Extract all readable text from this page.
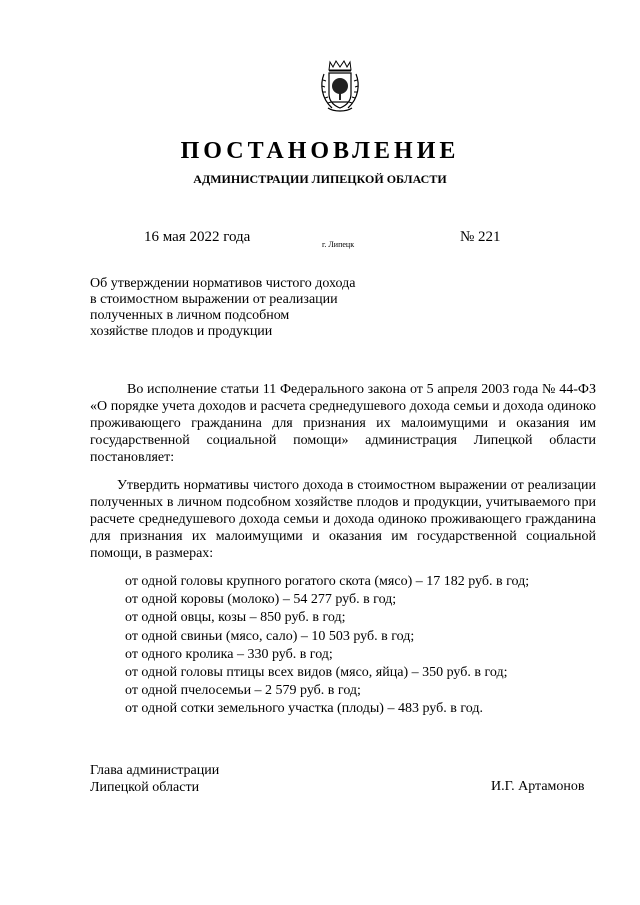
ПОСТАНОВЛЕНИЕ
АДМИНИСТРАЦИИ ЛИПЕЦКОЙ ОБЛАСТИ
16 мая 2022 года	г. Липецк	№ 221
Об утверждении нормативов чистого дохода
в стоимостном выражении от реализации
полученных в личном подсобном
хозяйстве плодов и продукции
Во исполнение статьи 11 Федерального закона от 5 апреля 2003 года № 44-ФЗ «О порядке учета доходов и расчета среднедушевого дохода семьи и дохода одиноко проживающего гражданина для признания их малоимущими и оказания им государственной социальной помощи» администрация Липецкой области постановляет:
Утвердить нормативы чистого дохода в стоимостном выражении от реализации полученных в личном подсобном хозяйстве плодов и продукции, учитываемого при расчете среднедушевого дохода семьи и дохода одиноко проживающего гражданина для признания их малоимущими и оказания им государственной социальной помощи, в размерах:
от одной головы крупного рогатого скота (мясо) – 17 182 руб. в год;
от одной коровы (молоко) – 54 277 руб. в год;
от одной овцы, козы – 850 руб. в год;
от одной свиньи (мясо, сало) – 10 503 руб. в год;
от одного кролика – 330 руб. в год;
от одной головы птицы всех видов (мясо, яйца) – 350 руб. в год;
от одной пчелосемьи – 2 579 руб. в год;
от одной сотки земельного участка (плоды) – 483 руб. в год.
Глава администрации
Липецкой области	И.Г. Артамонов
